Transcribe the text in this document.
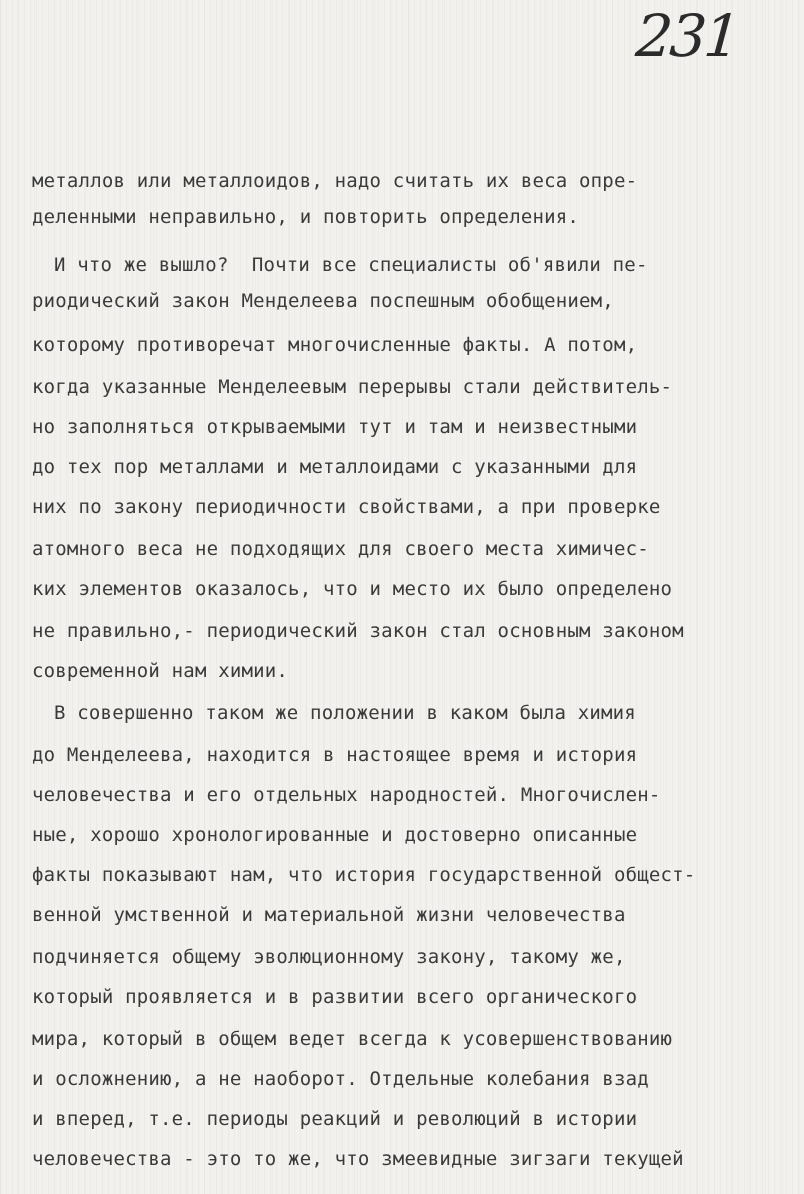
231
металлов или металлоидов, надо считать их веса опре-
деленными неправильно, и повторить определения.
И что же вышло?  Почти все специалисты об'явили пе-
риодический закон Менделеева поспешным обобщением,
которому противоречат многочисленные факты. А потом,
когда указанные Менделеевым перерывы стали действитель-
но заполняться открываемыми тут и там и неизвестными
до тех пор металлами и металлоидами с указанными для
них по закону периодичности свойствами, а при проверке
атомного веса не подходящих для своего места химичес-
ких элементов оказалось, что и место их было определено
не правильно,- периодический закон стал основным законом
современной нам химии.
В совершенно таком же положении в каком была химия
до Менделеева, находится в настоящее время и история
человечества и его отдельных народностей. Многочислен-
ные, хорошо хронологированные и достоверно описанные
факты показывают нам, что история государственной общест-
венной умственной и материальной жизни человечества
подчиняется общему эволюционному закону, такому же,
который проявляется и в развитии всего органического
мира, который в общем ведет всегда к усовершенствованию
и осложнению, а не наоборот. Отдельные колебания взад
и вперед, т.е. периоды реакций и революций в истории
человечества - это то же, что змеевидные зигзаги текущей
